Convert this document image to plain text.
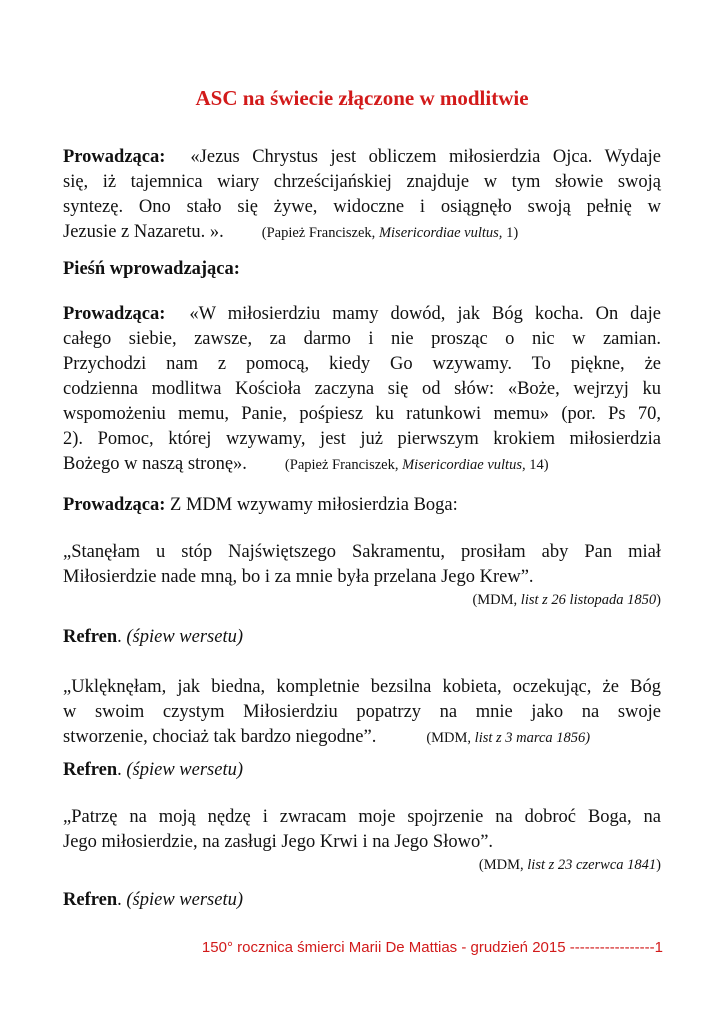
ASC na świecie złączone w modlitwie
Prowadząca: «Jezus Chrystus jest obliczem miłosierdzia Ojca. Wydaje
się, iż tajemnica wiary chrześcijańskiej znajduje w tym słowie swoją
syntezę. Ono stało się żywe, widoczne i osiągnęło swoją pełnię w
Jezusie z Nazaretu. ».	(Papież Franciszek, Misericordiae vultus, 1)
Pieśń wprowadzająca:
Prowadząca: «W miłosierdziu mamy dowód, jak Bóg kocha. On daje
całego siebie, zawsze, za darmo i nie prosząc o nic w zamian.
Przychodzi nam z pomocą, kiedy Go wzywamy. To piękne, że
codzienna modlitwa Kościoła zaczyna się od słów: «Boże, wejrzyj ku
wspomożeniu memu, Panie, pośpiesz ku ratunkowi memu» (por. Ps 70,
2). Pomoc, której wzywamy, jest już pierwszym krokiem miłosierdzia
Bożego w naszą stronę».	(Papież Franciszek, Misericordiae vultus, 14)
Prowadząca: Z MDM wzywamy miłosierdzia Boga:
„Stanęłam u stóp Najświętszego Sakramentu, prosiłam aby Pan miał
Miłosierdzie nade mną, bo i za mnie była przelana Jego Krew”.
(MDM, list z 26 listopada 1850)
Refren. (śpiew wersetu)
„Uklęknęłam, jak biedna, kompletnie bezsilna kobieta, oczekując, że Bóg
w swoim czystym Miłosierdziu popatrzy na mnie jako na swoje
stworzenie, chociaż tak bardzo niegodne”.	(MDM, list z 3 marca 1856)
Refren. (śpiew wersetu)
„Patrzę na moją nędzę i zwracam moje spojrzenie na dobroć Boga, na
Jego miłosierdzie, na zasługi Jego Krwi i na Jego Słowo”.
(MDM, list z 23 czerwca 1841)
Refren. (śpiew wersetu)
150° rocznica śmierci Marii De Mattias - grudzień 2015 -----------------1
